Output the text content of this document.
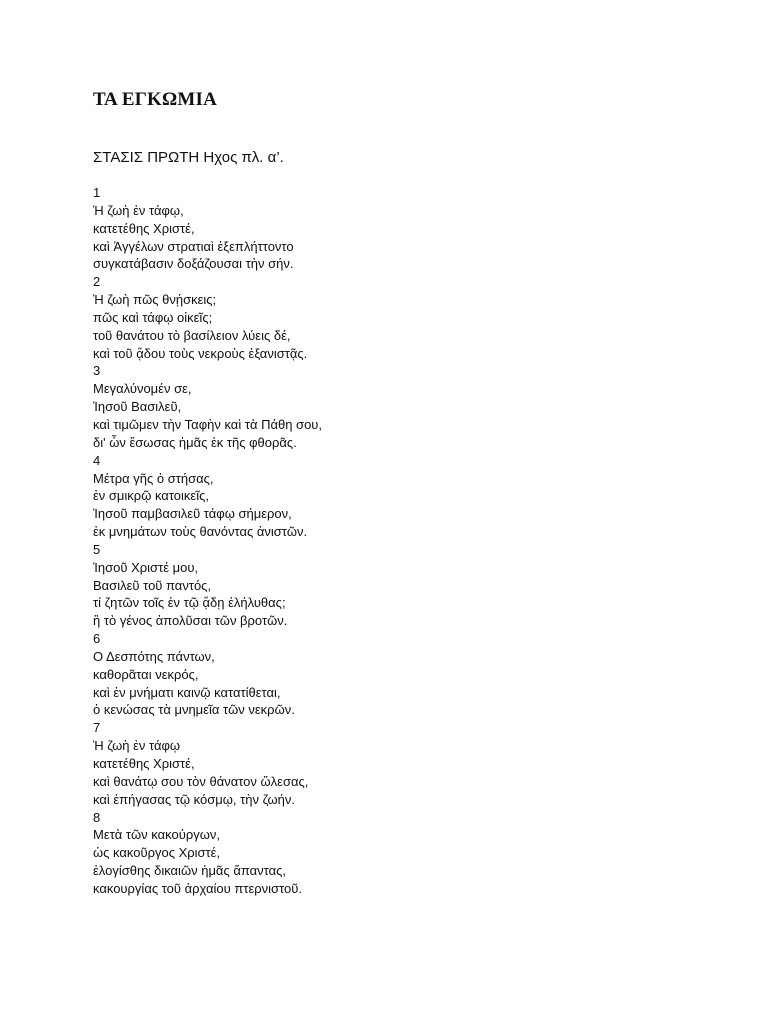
ΤΑ ΕΓΚΩΜΙΑ
ΣΤΑΣΙΣ ΠΡΩΤΗ Ηχος πλ. α’.
1
Ἡ ζωὴ ἐν τάφῳ,
κατετέθης Χριστέ,
καὶ Ἀγγέλων στρατιαὶ ἐξεπλήττοντο
συγκατάβασιν δοξάζουσαι τὴν σήν.
2
Ἡ ζωὴ πῶς θνῄσκεις;
πῶς καὶ τάφῳ οἰκεῖς;
τοῦ θανάτου τὸ βασίλειον λύεις δέ,
καὶ τοῦ ᾅδου τοὺς νεκροὺς ἐξανιστᾷς.
3
Μεγαλύνομέν σε,
Ἰησοῦ Βασιλεῦ,
καὶ τιμῶμεν τὴν Ταφὴν καὶ τὰ Πάθη σου,
δι' ὧν ἔσωσας ἡμᾶς ἐκ τῆς φθορᾶς.
4
Μέτρα γῆς ὁ στήσας,
ἐν σμικρῷ κατοικεῖς,
Ἰησοῦ παμβασιλεῦ τάφῳ σήμερον,
ἐκ μνημάτων τοὺς θανόντας ἀνιστῶν.
5
Ἰησοῦ Χριστέ μου,
Βασιλεῦ τοῦ παντός,
τί ζητῶν τοῖς ἐν τῷ ᾅδῃ ἐλήλυθας;
ἢ τὸ γένος ἀπολῦσαι τῶν βροτῶν.
6
Ο Δεσπότης πάντων,
καθορᾶται νεκρός,
καὶ ἐν μνήματι καινῷ κατατίθεται,
ὁ κενώσας τὰ μνημεῖα τῶν νεκρῶν.
7
Ἡ ζωὴ ἐν τάφῳ
κατετέθης Χριστέ,
καὶ θανάτῳ σου τὸν θάνατον ὤλεσας,
καὶ ἐπήγασας τῷ κόσμῳ, τὴν ζωήν.
8
Μετὰ τῶν κακούργων,
ὡς κακοῦργος Χριστέ,
ἐλογίσθης δικαιῶν ἡμᾶς ἅπαντας,
κακουργίας τοῦ ἀρχαίου πτερνιστοῦ.
